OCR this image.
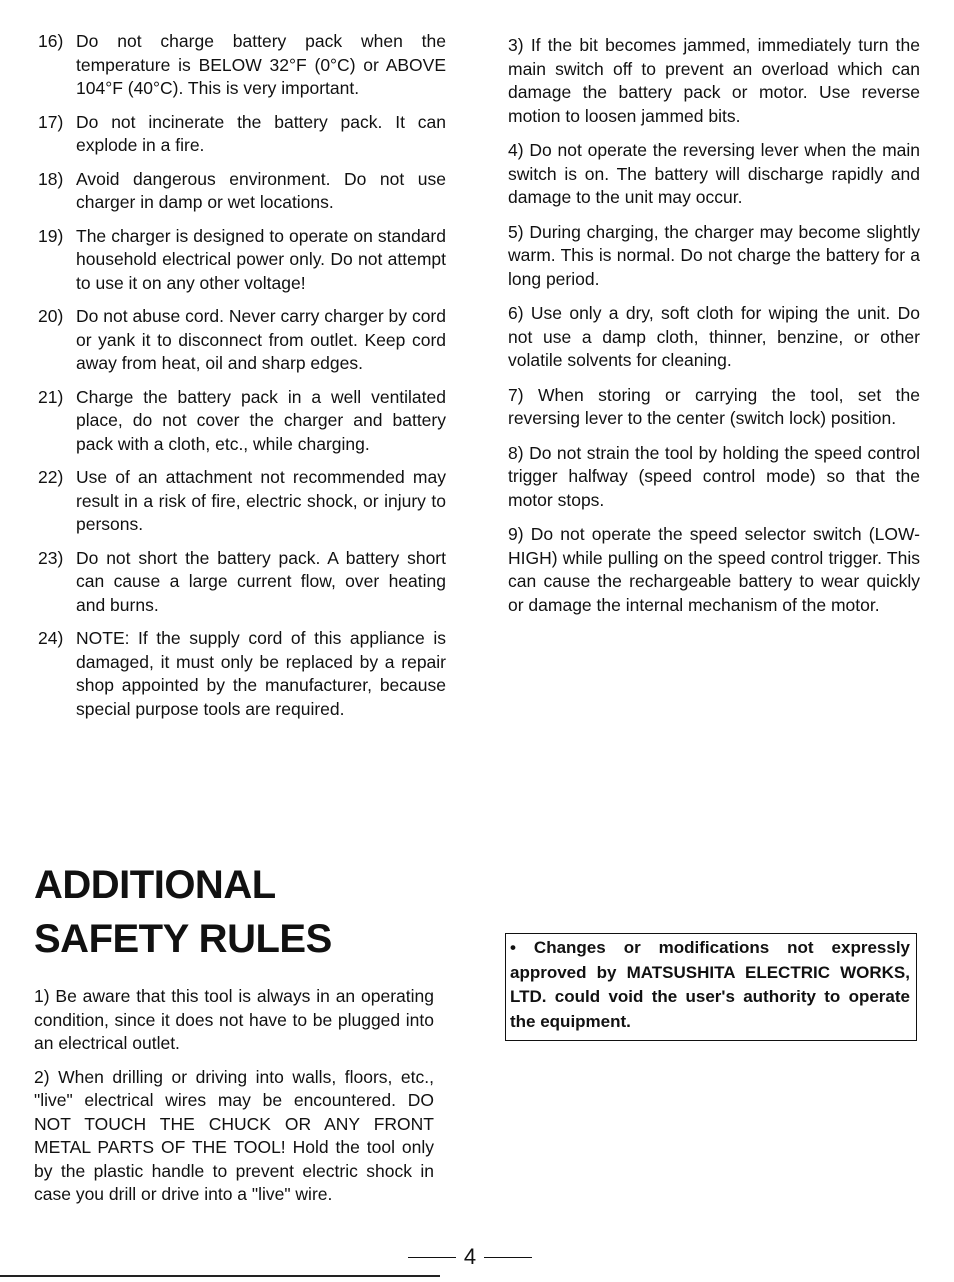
16) Do not charge battery pack when the temperature is BELOW 32°F (0°C) or ABOVE 104°F (40°C). This is very important.
17) Do not incinerate the battery pack. It can explode in a fire.
18) Avoid dangerous environment. Do not use charger in damp or wet locations.
19) The charger is designed to operate on standard household electrical power only. Do not attempt to use it on any other voltage!
20) Do not abuse cord. Never carry charger by cord or yank it to disconnect from outlet. Keep cord away from heat, oil and sharp edges.
21) Charge the battery pack in a well ventilated place, do not cover the charger and battery pack with a cloth, etc., while charging.
22) Use of an attachment not recommended may result in a risk of fire, electric shock, or injury to persons.
23) Do not short the battery pack. A battery short can cause a large current flow, over heating and burns.
24) NOTE: If the supply cord of this appliance is damaged, it must only be replaced by a repair shop appointed by the manufacturer, because special purpose tools are required.
ADDITIONAL
SAFETY RULES
1) Be aware that this tool is always in an operating condition, since it does not have to be plugged into an electrical outlet.
2) When drilling or driving into walls, floors, etc., "live" electrical wires may be encountered. DO NOT TOUCH THE CHUCK OR ANY FRONT METAL PARTS OF THE TOOL! Hold the tool only by the plastic handle to prevent electric shock in case you drill or drive into a "live" wire.
3) If the bit becomes jammed, immediately turn the main switch off to prevent an overload which can damage the battery pack or motor. Use reverse motion to loosen jammed bits.
4) Do not operate the reversing lever when the main switch is on. The battery will discharge rapidly and damage to the unit may occur.
5) During charging, the charger may become slightly warm. This is normal. Do not charge the battery for a long period.
6) Use only a dry, soft cloth for wiping the unit. Do not use a damp cloth, thinner, benzine, or other volatile solvents for cleaning.
7) When storing or carrying the tool, set the reversing lever to the center (switch lock) position.
8) Do not strain the tool by holding the speed control trigger halfway (speed control mode) so that the motor stops.
9) Do not operate the speed selector switch (LOW-HIGH) while pulling on the speed control trigger. This can cause the rechargeable battery to wear quickly or damage the internal mechanism of the motor.
• Changes or modifications not expressly approved by MATSUSHITA ELECTRIC WORKS, LTD. could void the user's authority to operate the equipment.
4
